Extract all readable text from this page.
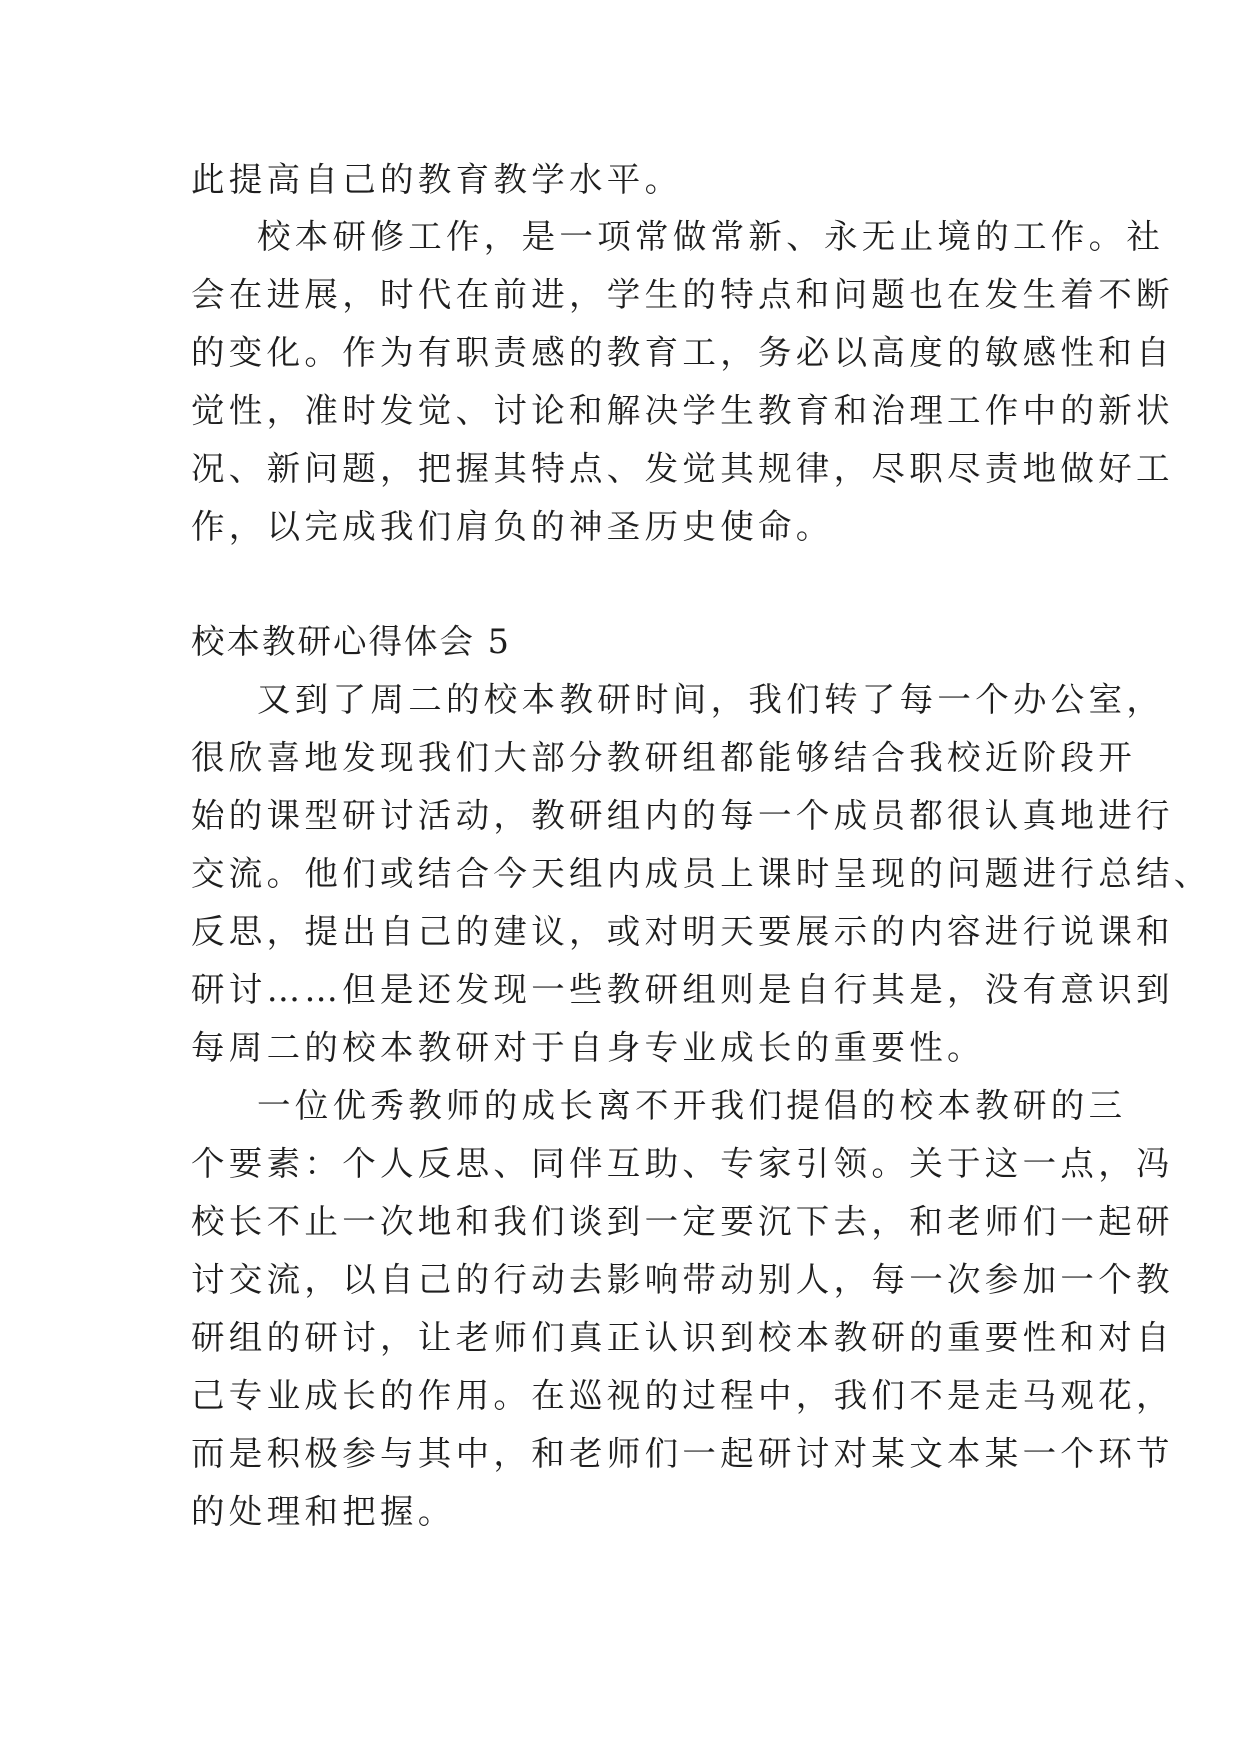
此提高自己的教育教学水平。
校本研修工作，是一项常做常新、永无止境的工作。社
会在进展，时代在前进，学生的特点和问题也在发生着不断
的变化。作为有职责感的教育工，务必以高度的敏感性和自
觉性，准时发觉、讨论和解决学生教育和治理工作中的新状
况、新问题，把握其特点、发觉其规律，尽职尽责地做好工
作，以完成我们肩负的神圣历史使命。
校本教研心得体会 5
又到了周二的校本教研时间，我们转了每一个办公室，
很欣喜地发现我们大部分教研组都能够结合我校近阶段开
始的课型研讨活动，教研组内的每一个成员都很认真地进行
交流。他们或结合今天组内成员上课时呈现的问题进行总结、
反思，提出自己的建议，或对明天要展示的内容进行说课和
研讨……但是还发现一些教研组则是自行其是，没有意识到
每周二的校本教研对于自身专业成长的重要性。
一位优秀教师的成长离不开我们提倡的校本教研的三
个要素：个人反思、同伴互助、专家引领。关于这一点，冯
校长不止一次地和我们谈到一定要沉下去，和老师们一起研
讨交流，以自己的行动去影响带动别人，每一次参加一个教
研组的研讨，让老师们真正认识到校本教研的重要性和对自
己专业成长的作用。在巡视的过程中，我们不是走马观花，
而是积极参与其中，和老师们一起研讨对某文本某一个环节
的处理和把握。
